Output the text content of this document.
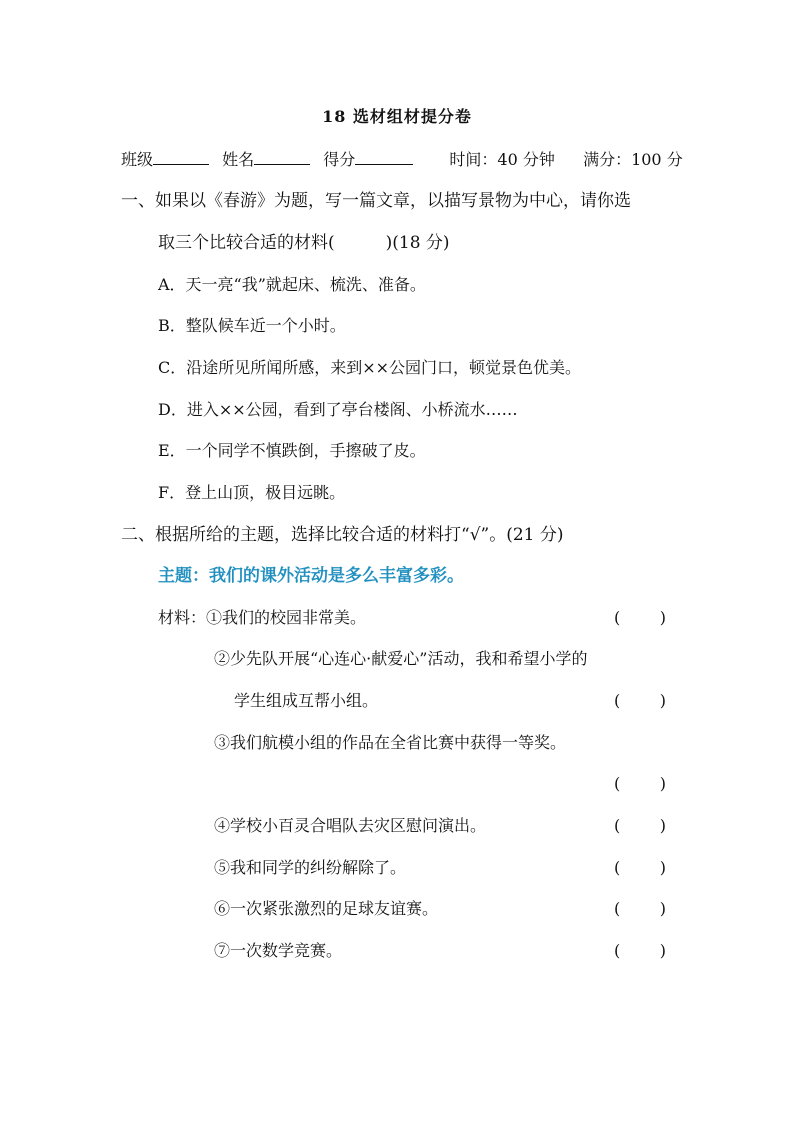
18 选材组材提分卷
班级	姓名	得分	时间：40 分钟 满分：100 分
一、如果以《春游》为题，写一篇文章，以描写景物为中心，请你选
取三个比较合适的材料(　　　)(18 分)
A．天一亮“我”就起床、梳洗、准备。
B．整队候车近一个小时。
C．沿途所见所闻所感，来到××公园门口，顿觉景色优美。
D．进入××公园，看到了亭台楼阁、小桥流水……
E．一个同学不慎跌倒，手擦破了皮。
F．登上山顶，极目远眺。
二、根据所给的主题，选择比较合适的材料打“√”。(21 分)
主题：我们的课外活动是多么丰富多彩。
材料：①我们的校园非常美。	( )
②少先队开展“心连心·献爱心”活动，我和希望小学的
学生组成互帮小组。	( )
③我们航模小组的作品在全省比赛中获得一等奖。
( )
④学校小百灵合唱队去灾区慰问演出。	( )
⑤我和同学的纠纷解除了。	( )
⑥一次紧张激烈的足球友谊赛。	( )
⑦一次数学竞赛。	( )
